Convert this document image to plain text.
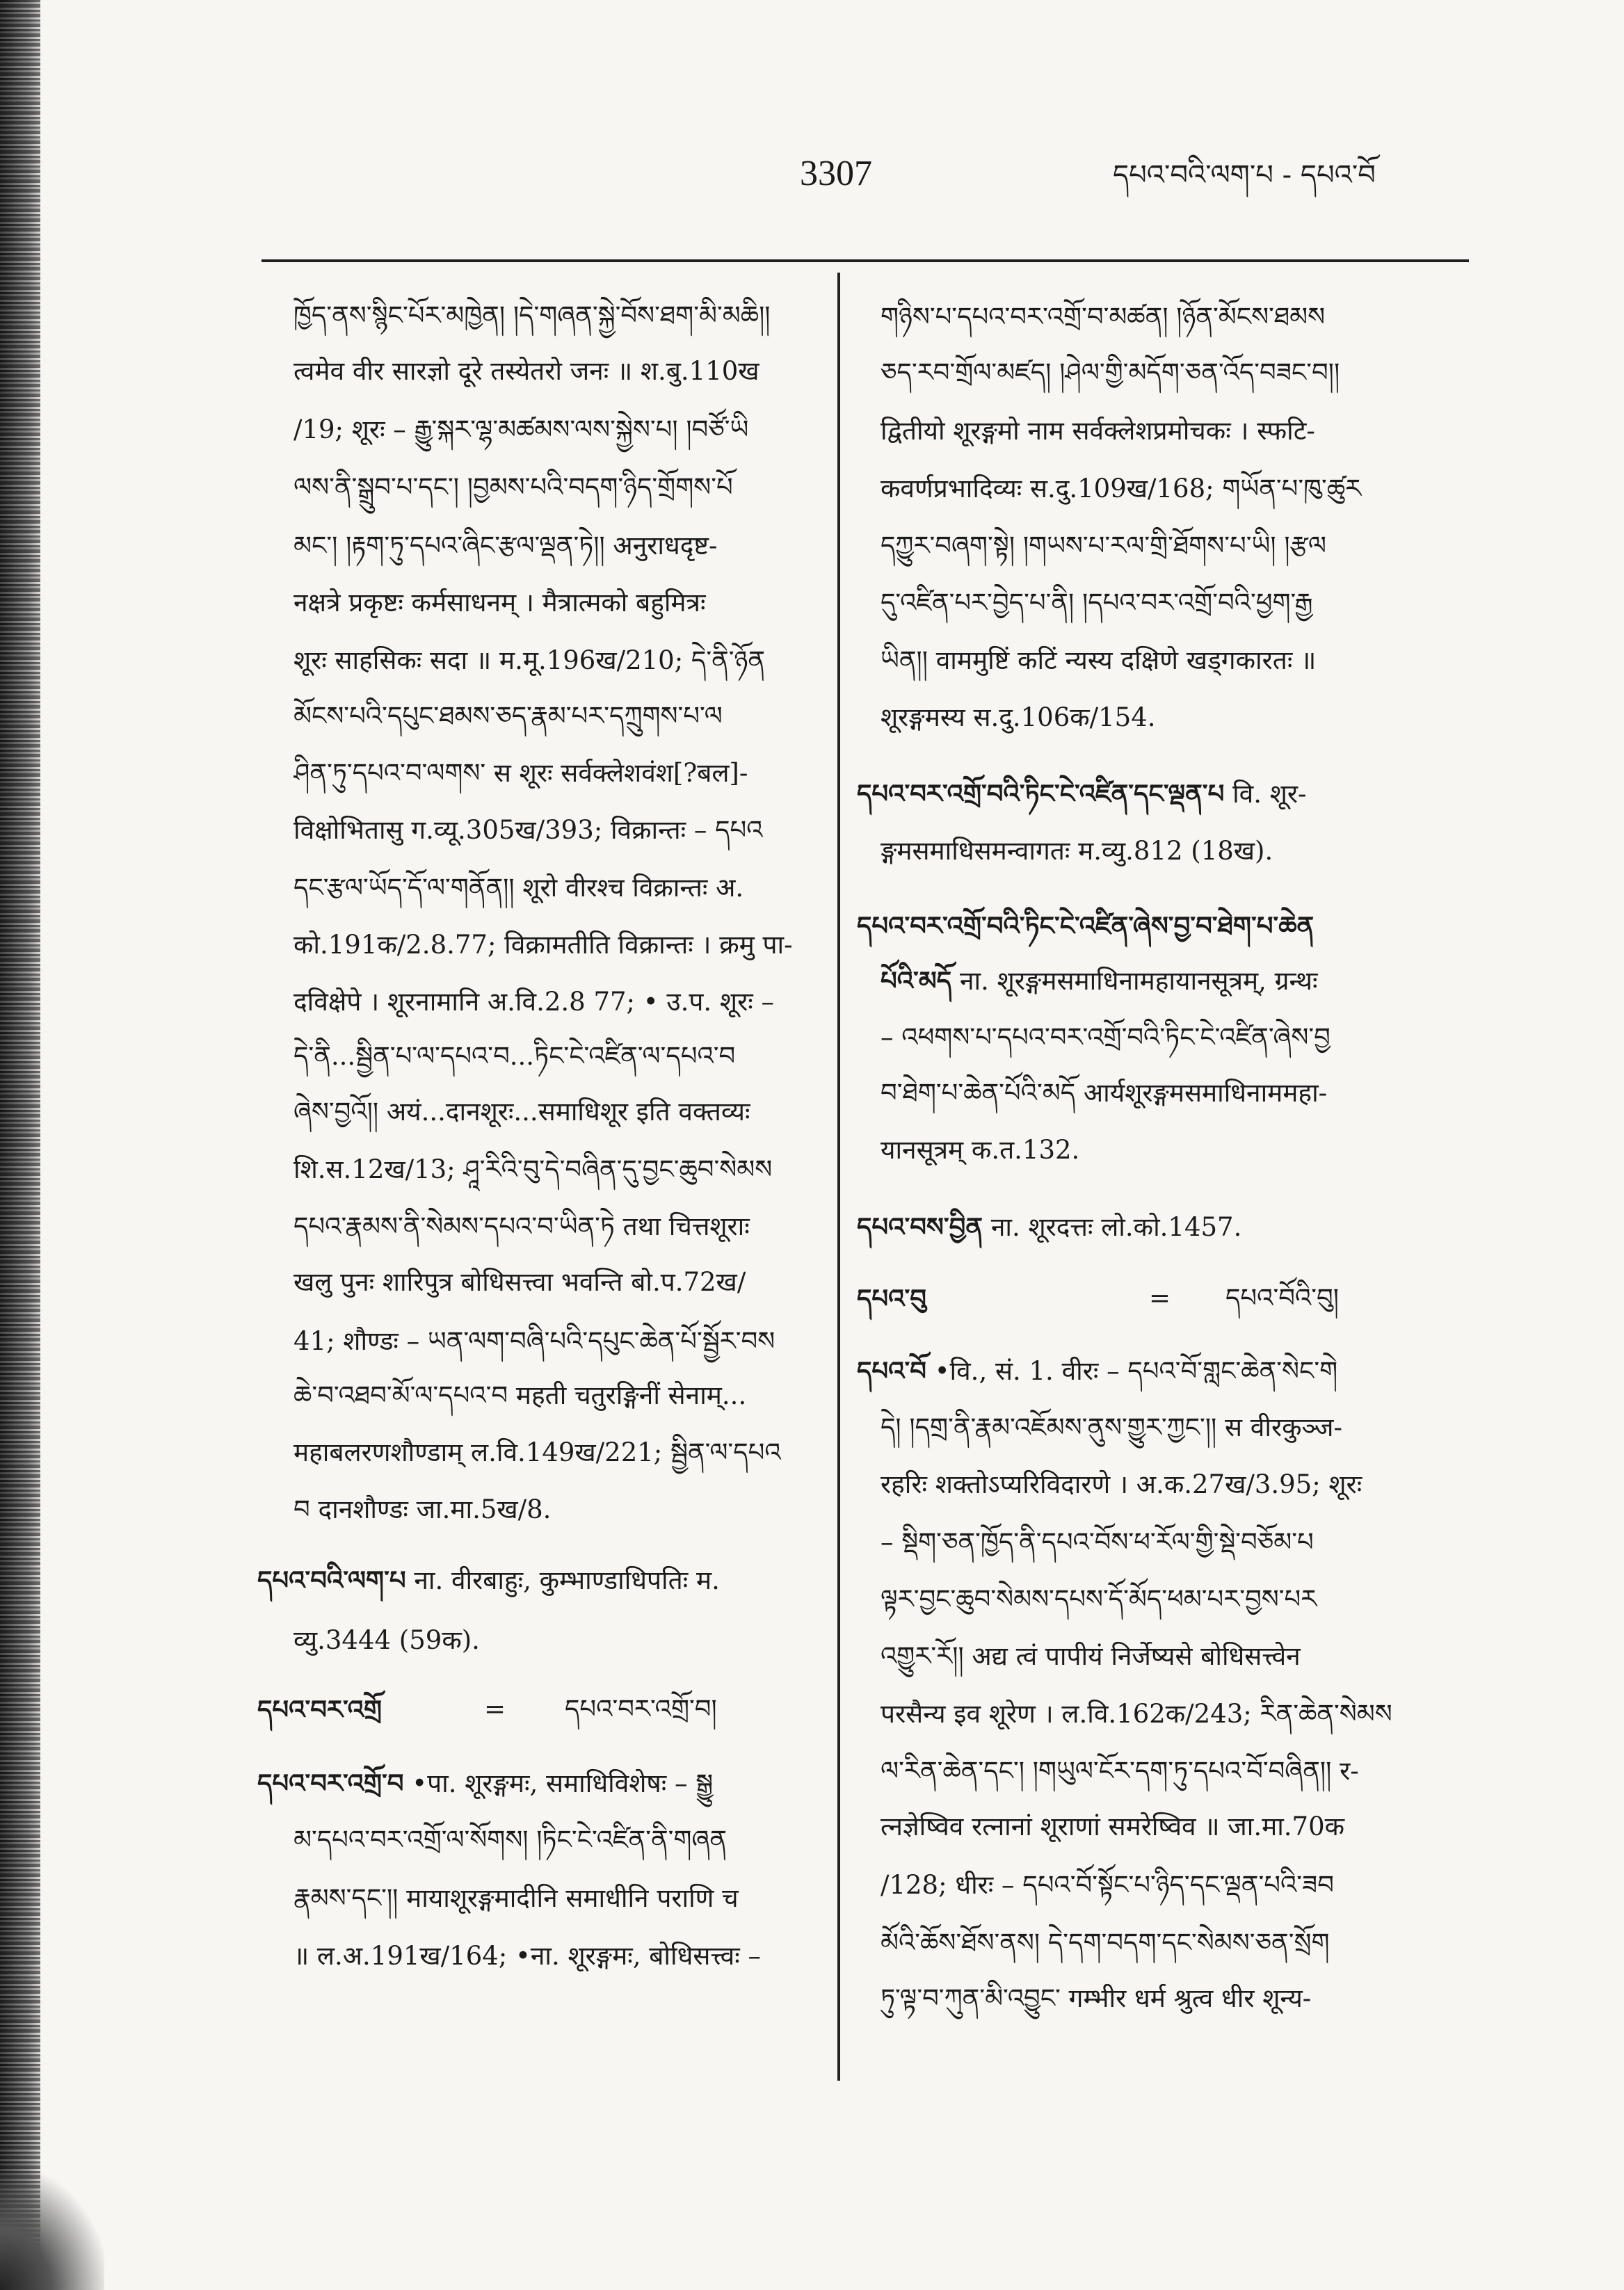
3307	དཔའ་བའི་ལག་པ - དཔའ་བོ
ཁྱོད་ནས་སྙིང་པོར་མཁྱེན། །དེ་གཞན་སྐྱེ་བོས་ཐག་མི་མཆི།།
त्वमेव वीर सारज्ञो दूरे तस्येतरो जनः ॥ श.बु.110ख
/19; शूरः – རྒྱུ་སྐར་ལྷ་མཚམས་ལས་སྐྱེས་པ། །བཙོ་ཡི
ལས་ནི་སྒྲུབ་པ་དང་། །བྱམས་པའི་བདག་ཉིད་གྲོགས་པོ
མང་། །རྟག་ཏུ་དཔའ་ཞིང་རྩལ་ལྡན་ཏེ།། अनुराधदृष्ट-
नक्षत्रे प्रकृष्टः कर्मसाधनम् । मैत्रात्मको बहुमित्रः
शूरः साहसिकः सदा ॥ म.मू.196ख/210; དེ་ནི་ཉོན
མོངས་པའི་དཔུང་ཐམས་ཅད་རྣམ་པར་དཀྲུགས་པ་ལ
ཤིན་ཏུ་དཔའ་བ་ལགས་ स शूरः सर्वक्लेशवंश[?बल]-
विक्षोभितासु ग.व्यू.305ख/393; विक्रान्तः – དཔའ
དང་རྩལ་ཡོད་དོ་ལ་གནོན།། शूरो वीरश्च विक्रान्तः अ.
को.191क/2.8.77; विक्रामतीति विक्रान्तः । क्रमु पा-
दविक्षेपे । शूरनामानि अ.वि.2.8 77; • उ.प. शूरः –
དེ་ནི...སྦྱིན་པ་ལ་དཔའ་བ...ཏིང་ངེ་འཛིན་ལ་དཔའ་བ
ཞེས་བྱའོ།། अयं...दानशूरः...समाधिशूर इति वक्तव्यः
शि.स.12ख/13; ཤཱ་རིའི་བུ་དེ་བཞིན་དུ་བྱང་ཆུབ་སེམས
དཔའ་རྣམས་ནི་སེམས་དཔའ་བ་ཡིན་ཏེ तथा चित्तशूराः
खलु पुनः शारिपुत्र बोधिसत्त्वा भवन्ति बो.प.72ख/
41; शौण्डः – ཡན་ལག་བཞི་པའི་དཔུང་ཆེན་པོ་སྦྱོར་བས
ཆེ་བ་འཐབ་མོ་ལ་དཔའ་བ महती चतुरङ्गिनीं सेनाम्...
महाबलरणशौण्डाम् ल.वि.149ख/221; སྦྱིན་ལ་དཔའ
བ दानशौण्डः जा.मा.5ख/8.
དཔའ་བའི་ལག་པ ना. वीरबाहुः, कुम्भाण्डाधिपतिः म.
व्यु.3444 (59क).
དཔའ་བར་འགྲོ	= དཔའ་བར་འགྲོ་བ།
དཔའ་བར་འགྲོ་བ •पा. शूरङ्गमः, समाधिविशेषः – སྒྱུ
མ་དཔའ་བར་འགྲོ་ལ་སོགས། །ཏིང་ངེ་འཛིན་ནི་གཞན
རྣམས་དང་།། मायाशूरङ्गमादीनि समाधीनि पराणि च
॥ ल.अ.191ख/164; •ना. शूरङ्गमः, बोधिसत्त्वः –
གཉིས་པ་དཔའ་བར་འགྲོ་བ་མཚན། །ཉོན་མོངས་ཐམས
ཅད་རབ་གྲོལ་མཛད། །ཤེལ་གྱི་མདོག་ཅན་འོད་བཟང་བ།།
द्वितीयो शूरङ्गमो नाम सर्वक्लेशप्रमोचकः । स्फटि-
कवर्णप्रभादिव्यः स.दु.109ख/168; གཡོན་པ་ཁུ་ཚུར
དཀྱུར་བཞག་སྟེ། །གཡས་པ་རལ་གྲི་ཐོགས་པ་ཡི། །རྩལ
དུ་འཛིན་པར་བྱེད་པ་ནི། །དཔའ་བར་འགྲོ་བའི་ཕྱག་རྒྱ
ཡིན།། वाममुष्टिं कटिं न्यस्य दक्षिणे खड्गकारतः ॥
शूरङ्गमस्य स.दु.106क/154.
དཔའ་བར་འགྲོ་བའི་ཏིང་ངེ་འཛིན་དང་ལྡན་པ वि. शूर-
ङ्गमसमाधिसमन्वागतः म.व्यु.812 (18ख).
དཔའ་བར་འགྲོ་བའི་ཏིང་ངེ་འཛིན་ཞེས་བྱ་བ་ཐེག་པ་ཆེན
པོའི་མདོ ना. शूरङ्गमसमाधिनामहायानसूत्रम्, ग्रन्थः
– འཕགས་པ་དཔའ་བར་འགྲོ་བའི་ཏིང་ངེ་འཛིན་ཞེས་བྱ
བ་ཐེག་པ་ཆེན་པོའི་མདོ आर्यशूरङ्गमसमाधिनाममहा-
यानसूत्रम् क.त.132.
དཔའ་བས་བྱིན ना. शूरदत्तः लो.को.1457.
དཔའ་བུ	= དཔའ་བོའི་བུ།
དཔའ་བོ •वि., सं. 1. वीरः – དཔའ་བོ་གླང་ཆེན་སེང་གེ
དེ། །དགྲ་ནི་རྣམ་འཇོམས་ནུས་གྱུར་ཀྱང་།། स वीरकुञ्ज-
रहरिः शक्तोऽप्यरिविदारणे । अ.क.27ख/3.95; शूरः
– སྡིག་ཅན་ཁྱོད་ནི་དཔའ་བོས་ཕ་རོལ་གྱི་སྡེ་བཅོམ་པ
ལྟར་བྱང་ཆུབ་སེམས་དཔས་དོ་མོད་ཕམ་པར་བྱས་པར
འགྱུར་རོ།། अद्य त्वं पापीयं निर्जेष्यसे बोधिसत्त्वेन
परसैन्य इव शूरेण । ल.वि.162क/243; རིན་ཆེན་སེམས
ལ་རིན་ཆེན་དང་། །གཡུལ་ངོར་དག་ཏུ་དཔའ་བོ་བཞིན།། र-
त्नज्ञेष्विव रत्नानां शूराणां समरेष्विव ॥ जा.मा.70क
/128; धीरः – དཔའ་བོ་སྟོང་པ་ཉིད་དང་ལྡན་པའི་ཟབ
མོའི་ཆོས་ཐོས་ནས། དེ་དག་བདག་དང་སེམས་ཅན་སྲོག
ཏུ་ལྟ་བ་ཀུན་མི་འབྱུང་ गम्भीर धर्म श्रुत्व धीर शून्य-
